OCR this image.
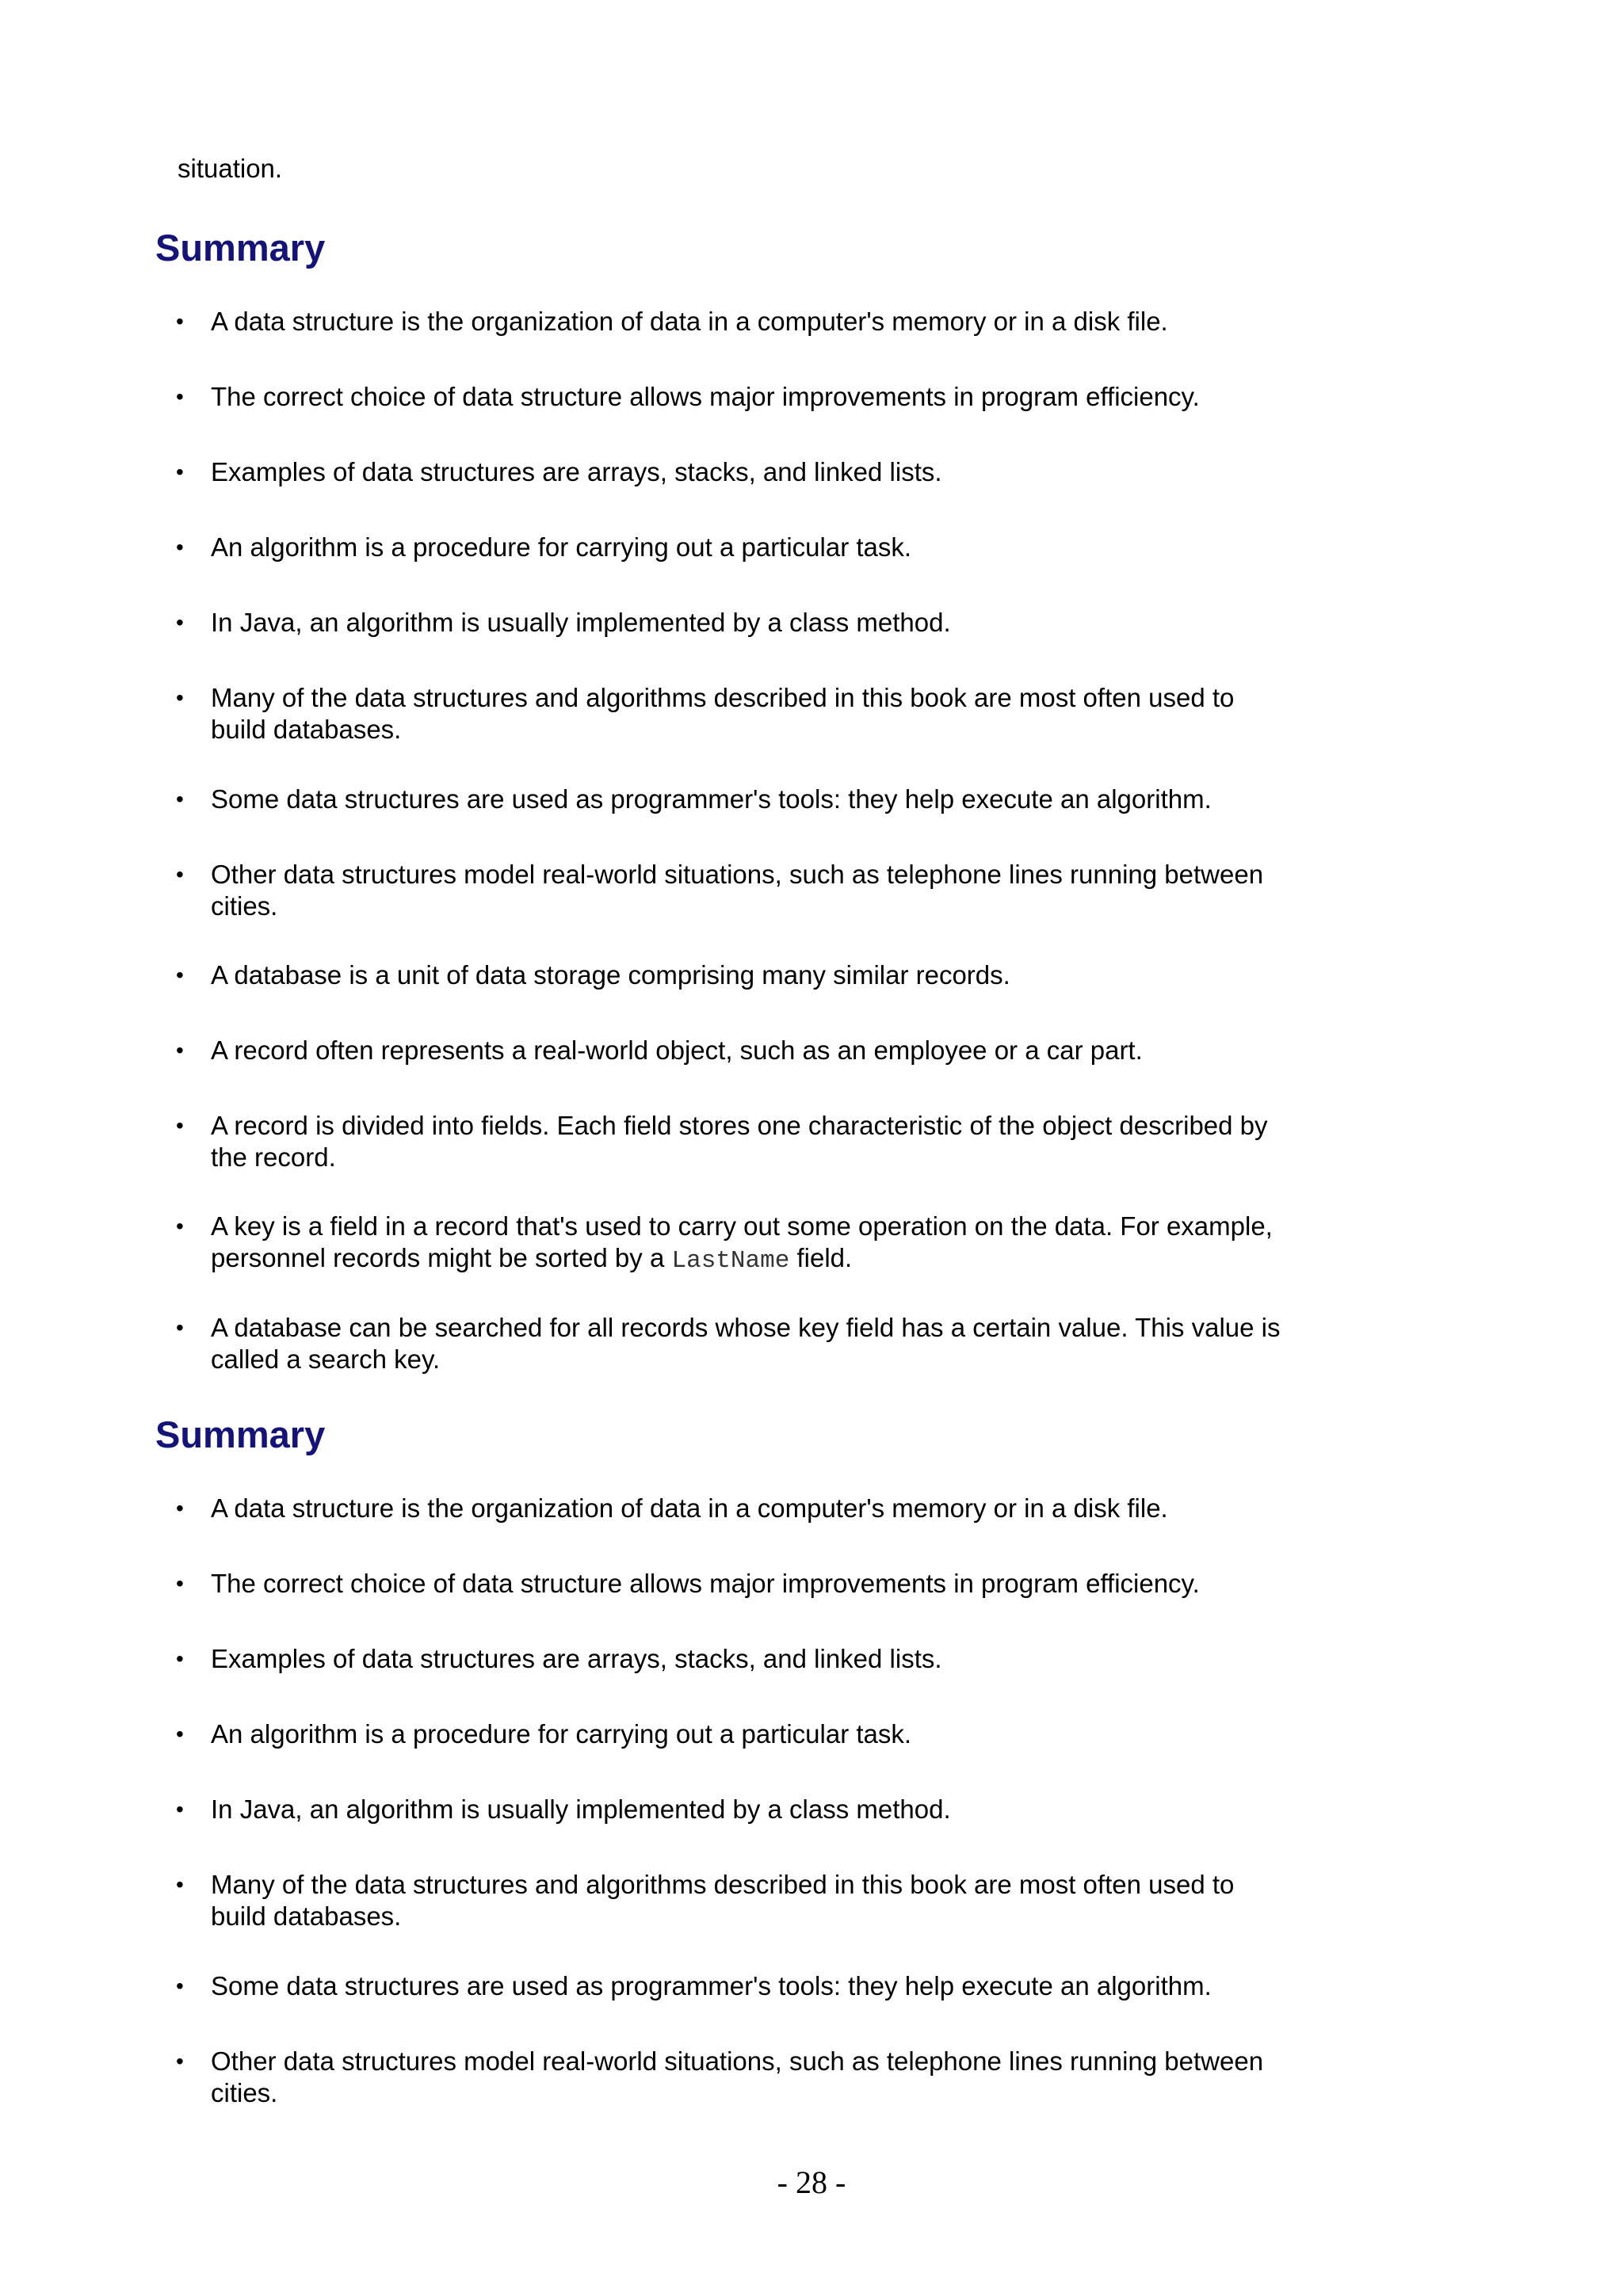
situation.

Summary
• A data structure is the organization of data in a computer's memory or in a disk file.
• The correct choice of data structure allows major improvements in program efficiency.
• Examples of data structures are arrays, stacks, and linked lists.
• An algorithm is a procedure for carrying out a particular task.
• In Java, an algorithm is usually implemented by a class method.
• Many of the data structures and algorithms described in this book are most often used to build databases.
• Some data structures are used as programmer's tools: they help execute an algorithm.
• Other data structures model real-world situations, such as telephone lines running between cities.
• A database is a unit of data storage comprising many similar records.
• A record often represents a real-world object, such as an employee or a car part.
• A record is divided into fields. Each field stores one characteristic of the object described by the record.
• A key is a field in a record that's used to carry out some operation on the data. For example, personnel records might be sorted by a LastName field.
• A database can be searched for all records whose key field has a certain value. This value is called a search key.
Summary
• A data structure is the organization of data in a computer's memory or in a disk file.
• The correct choice of data structure allows major improvements in program efficiency.
• Examples of data structures are arrays, stacks, and linked lists.
• An algorithm is a procedure for carrying out a particular task.
• In Java, an algorithm is usually implemented by a class method.
• Many of the data structures and algorithms described in this book are most often used to build databases.
• Some data structures are used as programmer's tools: they help execute an algorithm.
• Other data structures model real-world situations, such as telephone lines running between cities.
- 28 -
